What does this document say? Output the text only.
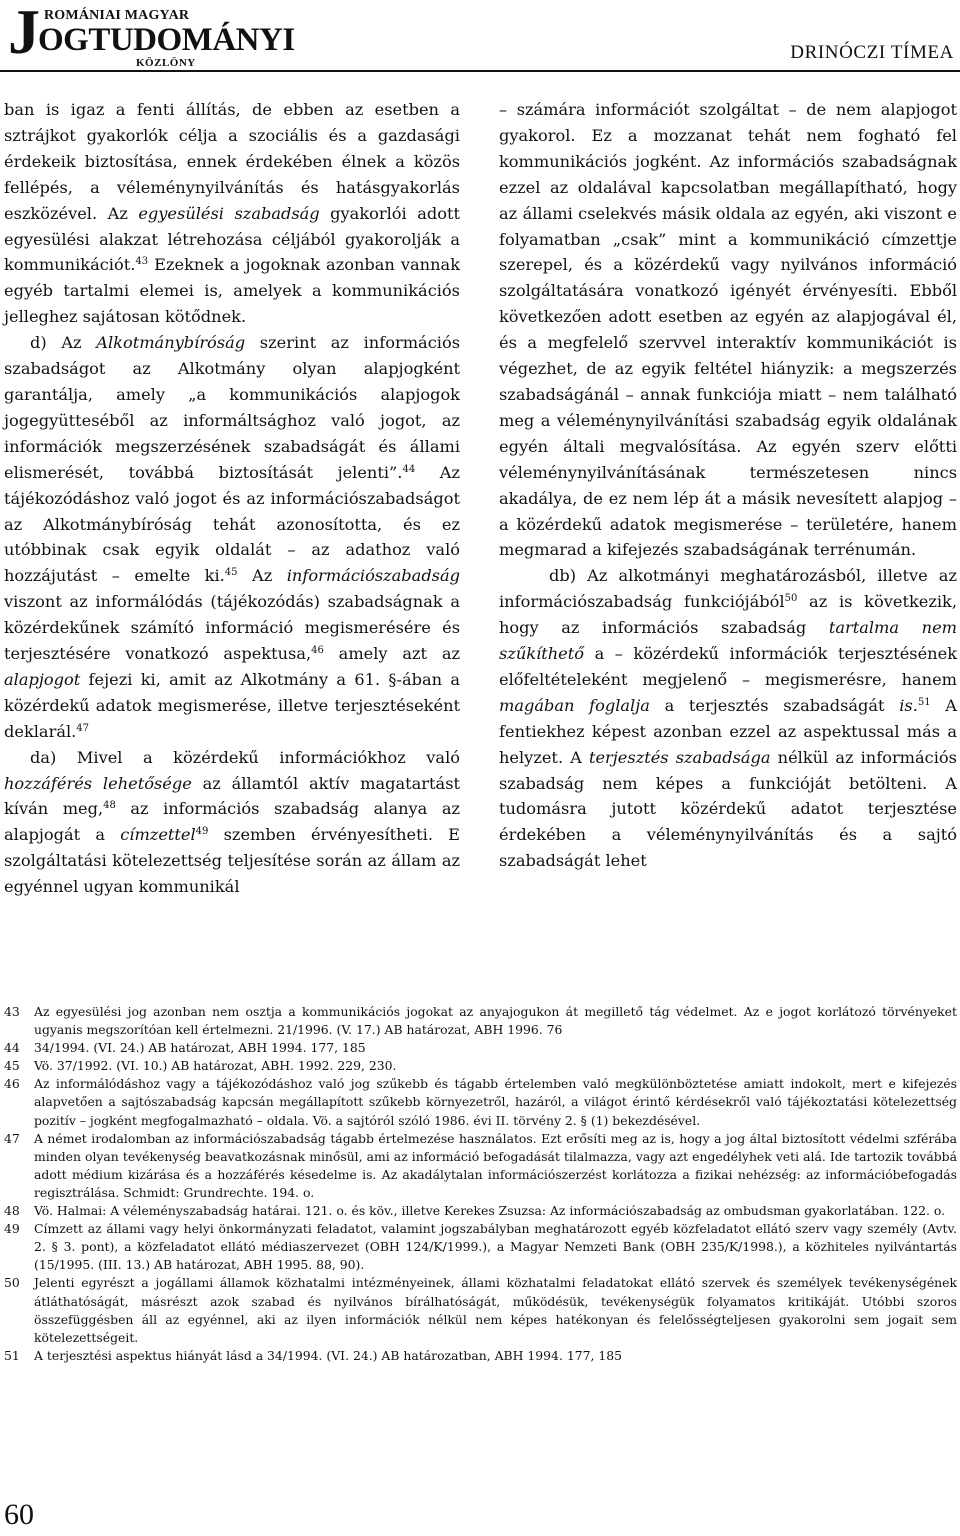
J ROMÁNIAI MAGYAR
OGTUDOMÁNYI
KÖZLÖNY	DRINÓCZI TÍMEA

ban is igaz a fenti állítás, de ebben az esetben a sztrájkot gyakorlók célja a szociális és a gazdasági érdekeik biztosítása, ennek érdekében élnek a közös fellépés, a véleménynyilvánítás és hatásgyakorlás eszközével. Az egyesülési szabadság gyakorlói adott egyesülési alakzat létrehozása céljából gyakorolják a kommunikációt.$^{43}$ Ezeknek a jogoknak azonban vannak egyéb tartalmi elemei is, amelyek a kommunikációs jelleghez sajátosan kötődnek.

d) Az Alkotmánybíróság szerint az információs szabadságot az Alkotmány olyan alapjogként garantálja, amely „a kommunikációs alapjogok jogegyütteséből az informáltsághoz való jogot, az információk megszerzésének szabadságát és állami elismerését, továbbá biztosítását jelenti”.$^{44}$ Az tájékozódáshoz való jogot és az információszabadságot az Alkotmánybíróság tehát azonosította, és ez utóbbinak csak egyik oldalát – az adathoz való hozzájutást – emelte ki.$^{45}$ Az információszabadság viszont az informálódás (tájékozódás) szabadságnak a közérdekűnek számító információ megismerésére és terjesztésére vonatkozó aspektusa,$^{46}$ amely azt az alapjogot fejezi ki, amit az Alkotmány a 61. §-ában a közérdekű adatok megismerése, illetve terjesztéseként deklarál.$^{47}$

da) Mivel a közérdekű információkhoz való hozzáférés lehetősége az államtól aktív magatartást kíván meg,$^{48}$ az információs szabadság alanya az alapjogát a címzettel$^{49}$ szemben érvényesítheti. E szolgáltatási kötelezettség teljesítése során az állam az egyénnel ugyan kommunikál

– számára információt szolgáltat – de nem alapjogot gyakorol. Ez a mozzanat tehát nem fogható fel kommunikációs jogként. Az információs szabadságnak ezzel az oldalával kapcsolatban megállapítható, hogy az állami cselekvés másik oldala az egyén, aki viszont e folyamatban „csak” mint a kommunikáció címzettje szerepel, és a közérdekű vagy nyilvános információ szolgáltatására vonatkozó igényét érvényesíti. Ebből következően adott esetben az egyén az alapjogával él, és a megfelelő szervvel interaktív kommunikációt is végezhet, de az egyik feltétel hiányzik: a megszerzés szabadságánál – annak funkciója miatt – nem található meg a véleménynyilvánítási szabadság egyik oldalának egyén általi megvalósítása. Az egyén szerv előtti véleménynyilvánításának természetesen nincs akadálya, de ez nem lép át a másik nevesített alapjog – a közérdekű adatok megismerése – területére, hanem megmarad a kifejezés szabadságának terrénumán.

db) Az alkotmányi meghatározásból, illetve az információszabadság funkciójából$^{50}$ az is következik, hogy az információs szabadság tartalma nem szűkíthető a – közérdekű információk terjesztésének előfeltételeként megjelenő – megismerésre, hanem magában foglalja a terjesztés szabadságát is.$^{51}$ A fentiekhez képest azonban ezzel az aspektussal más a helyzet. A terjesztés szabadsága nélkül az információs szabadság nem képes a funkcióját betölteni. A tudomásra jutott közérdekű adatot terjesztése érdekében a véleménynyilvánítás és a sajtó szabadságát lehet

43	Az egyesülési jog azonban nem osztja a kommunikációs jogokat az anyajogukon át megillető tág védelmet. Az e jogot korlátozó törvényeket ugyanis megszorítóan kell értelmezni. 21/1996. (V. 17.) AB határozat, ABH 1996. 76
44	34/1994. (VI. 24.) AB határozat, ABH 1994. 177, 185
45	Vö. 37/1992. (VI. 10.) AB határozat, ABH. 1992. 229, 230.
46	Az informálódáshoz vagy a tájékozódáshoz való jog szűkebb és tágabb értelemben való megkülönböztetése amiatt indokolt, mert e kifejezés alapvetően a sajtószabadság kapcsán megállapított szűkebb környezetről, hazáról, a világot érintő kérdésekről való tájékoztatási kötelezettség pozitív – jogként megfogalmazható – oldala. Vö. a sajtóról szóló 1986. évi II. törvény 2. § (1) bekezdésével.
47	A német irodalomban az információszabadság tágabb értelmezése használatos. Ezt erősíti meg az is, hogy a jog által biztosított védelmi szférába minden olyan tevékenység beavatkozásnak minősül, ami az információ befogadását tilalmazza, vagy azt engedélyhek veti alá. Ide tartozik továbbá adott médium kizárása és a hozzáférés késedelme is. Az akadálytalan információszerzést korlátozza a fizikai nehézség: az információbefogadás regisztrálása. Schmidt: Grundrechte. 194. o.
48	Vö. Halmai: A véleményszabadság határai. 121. o. és köv., illetve Kerekes Zsuzsa: Az információszabadság az ombudsman gyakorlatában. 122. o.
49	Címzett az állami vagy helyi önkormányzati feladatot, valamint jogszabályban meghatározott egyéb közfeladatot ellátó szerv vagy személy (Avtv. 2. § 3. pont), a közfeladatot ellátó médiaszervezet (OBH 124/K/1999.), a Magyar Nemzeti Bank (OBH 235/K/1998.), a közhiteles nyilvántartás (15/1995. (III. 13.) AB határozat, ABH 1995. 88, 90).
50	Jelenti egyrészt a jogállami államok közhatalmi intézményeinek, állami közhatalmi feladatokat ellátó szervek és személyek tevékenységének átláthatóságát, másrészt azok szabad és nyilvános bírálhatóságát, működésük, tevékenységük folyamatos kritikáját. Utóbbi szoros összefüggésben áll az egyénnel, aki az ilyen információk nélkül nem képes hatékonyan és felelősségteljesen gyakorolni sem jogait sem kötelezettségeit.
51	A terjesztési aspektus hiányát lásd a 34/1994. (VI. 24.) AB határozatban, ABH 1994. 177, 185
60
